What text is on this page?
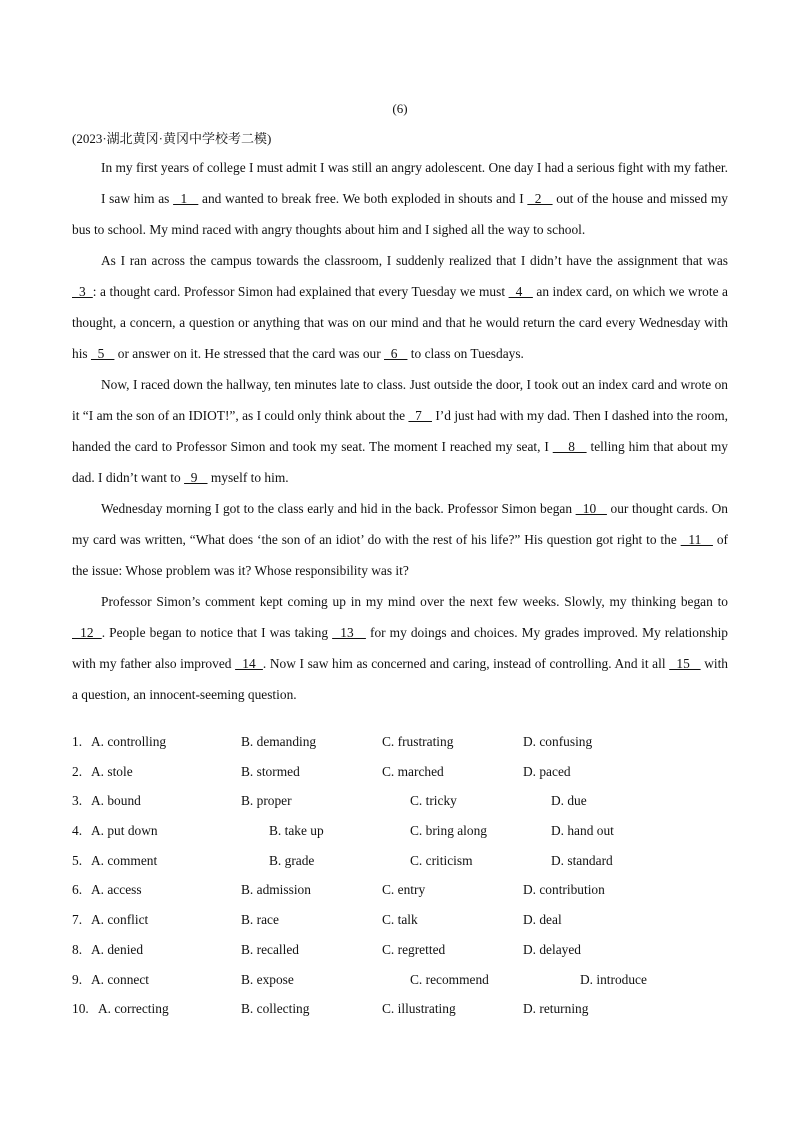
(6)
(2023·湖北黄冈·黄冈中学校考二模)

In my first years of college I must admit I was still an angry adolescent. One day I had a serious fight with my father.

I saw him as   1    and wanted to break free. We both exploded in shouts and I   2    out of the house and missed my bus to school. My mind raced with angry thoughts about him and I sighed all the way to school.

As I ran across the campus towards the classroom, I suddenly realized that I didn’t have the assignment that was   3  : a thought card. Professor Simon had explained that every Tuesday we must   4    an index card, on which we wrote a thought, a concern, a question or anything that was on our mind and that he would return the card every Wednesday with his   5    or answer on it. He stressed that the card was our   6    to class on Tuesdays.

Now, I raced down the hallway, ten minutes late to class. Just outside the door, I took out an index card and wrote on it “I am the son of an IDIOT!”, as I could only think about the   7    I’d just had with my dad. Then I dashed into the room, handed the card to Professor Simon and took my seat. The moment I reached my seat, I     8    telling him that about my dad. I didn’t want to   9    myself to him.

Wednesday morning I got to the class early and hid in the back. Professor Simon began   10    our thought cards. On my card was written, “What does ‘the son of an idiot’ do with the rest of his life?” His question got right to the   11    of the issue: Whose problem was it? Whose responsibility was it?

Professor Simon’s comment kept coming up in my mind over the next few weeks. Slowly, my thinking began to   12  . People began to notice that I was taking   13    for my doings and choices. My grades improved. My relationship with my father also improved   14  . Now I saw him as concerned and caring, instead of controlling. And it all   15    with a question, an innocent-seeming question.

1. A. controlling	B. demanding	C. frustrating	D. confusing
2. A. stole	B. stormed	C. marched	D. paced
3. A. bound	B. proper	C. tricky	D. due
4. A. put down	B. take up	C. bring along	D. hand out
5. A. comment	B. grade	C. criticism	D. standard
6. A. access	B. admission	C. entry	D. contribution
7. A. conflict	B. race	C. talk	D. deal
8. A. denied	B. recalled	C. regretted	D. delayed
9. A. connect	B. expose	C. recommend	D. introduce
10. A. correcting	B. collecting	C. illustrating	D. returning
